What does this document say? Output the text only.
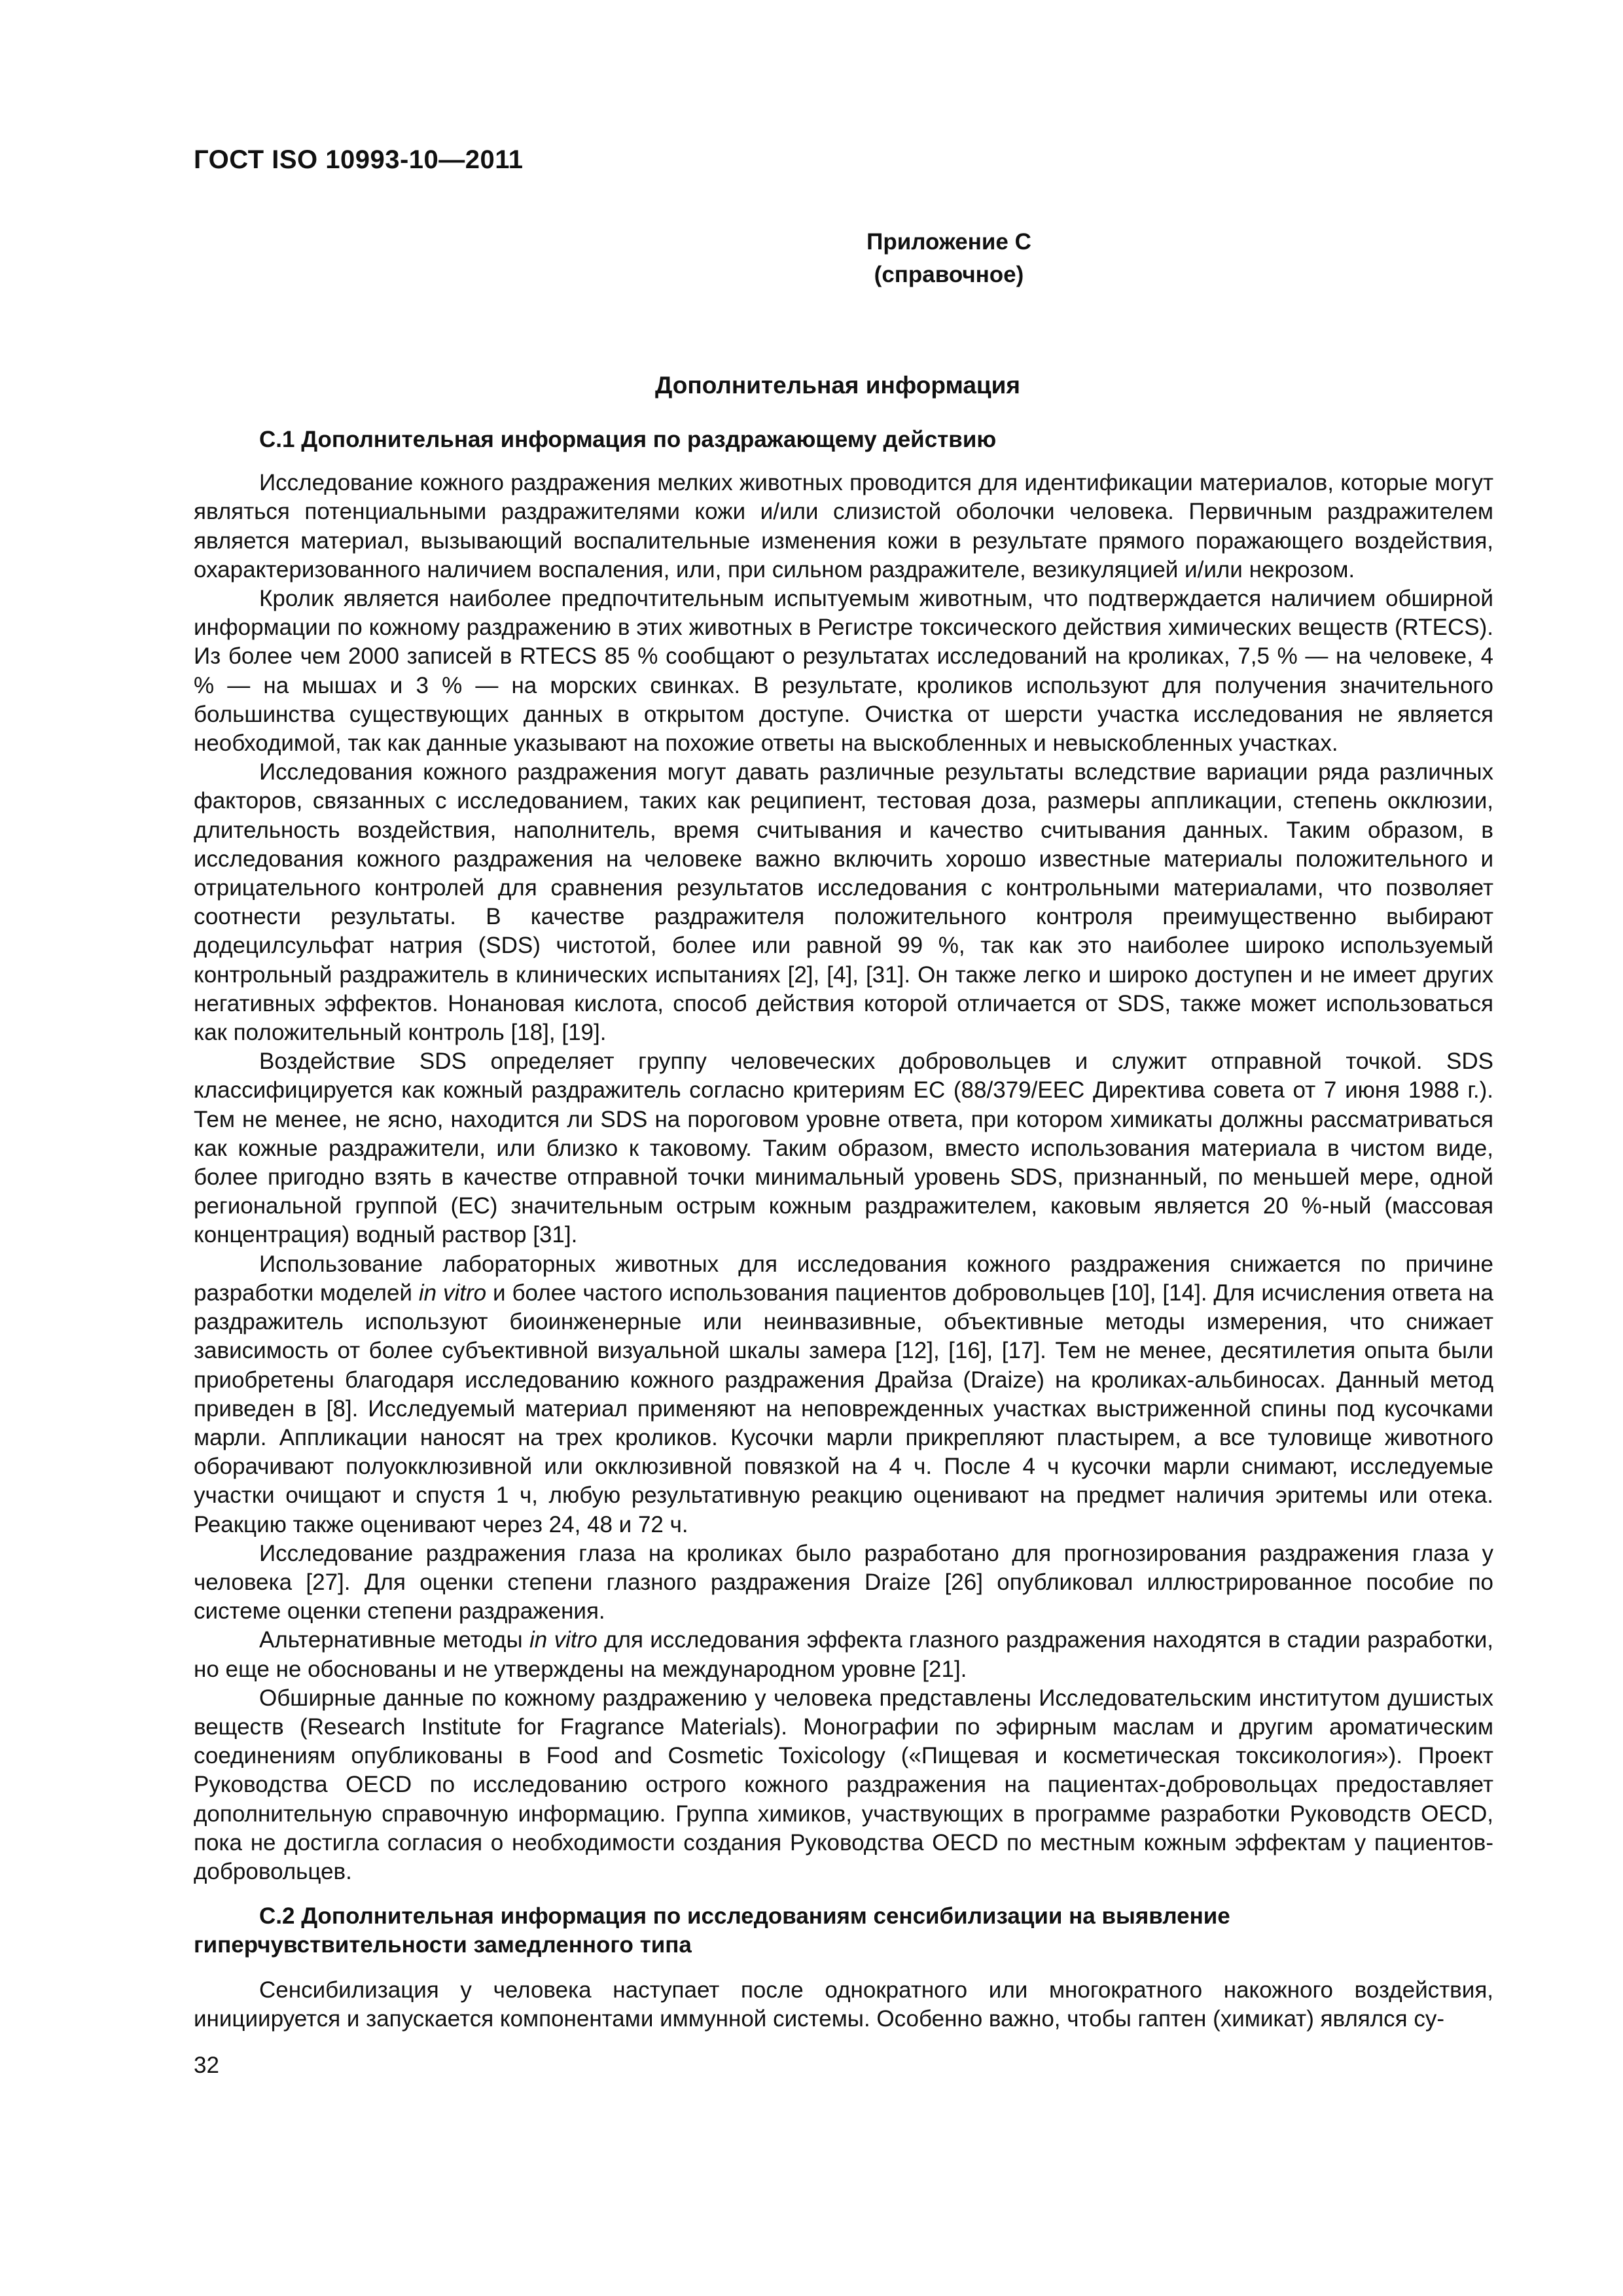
ГОСТ ISO 10993-10—2011
Приложение С
(справочное)
Дополнительная информация

С.1 Дополнительная информация по раздражающему действию

Исследование кожного раздражения мелких животных проводится для идентификации материалов, которые могут являться потенциальными раздражителями кожи и/или слизистой оболочки человека. Первичным раздражителем является материал, вызывающий воспалительные изменения кожи в результате прямого поражающего воздействия, охарактеризованного наличием воспаления, или, при сильном раздражителе, везикуляцией и/или некрозом.

Кролик является наиболее предпочтительным испытуемым животным, что подтверждается наличием обширной информации по кожному раздражению в этих животных в Регистре токсического действия химических веществ (RTECS). Из более чем 2000 записей в RTECS 85 % сообщают о результатах исследований на кроликах, 7,5 % — на человеке, 4 % — на мышах и 3 % — на морских свинках. В результате, кроликов используют для получения значительного большинства существующих данных в открытом доступе. Очистка от шерсти участка исследования не является необходимой, так как данные указывают на похожие ответы на выскобленных и невыскобленных участках.

Исследования кожного раздражения могут давать различные результаты вследствие вариации ряда различных факторов, связанных с исследованием, таких как реципиент, тестовая доза, размеры аппликации, степень окклюзии, длительность воздействия, наполнитель, время считывания и качество считывания данных. Таким образом, в исследования кожного раздражения на человеке важно включить хорошо известные материалы положительного и отрицательного контролей для сравнения результатов исследования с контрольными материалами, что позволяет соотнести результаты. В качестве раздражителя положительного контроля преимущественно выбирают додецилсульфат натрия (SDS) чистотой, более или равной 99 %, так как это наиболее широко используемый контрольный раздражитель в клинических испытаниях [2], [4], [31]. Он также легко и широко доступен и не имеет других негативных эффектов. Нонановая кислота, способ действия которой отличается от SDS, также может использоваться как положительный контроль [18], [19].

Воздействие SDS определяет группу человеческих добровольцев и служит отправной точкой. SDS классифицируется как кожный раздражитель согласно критериям ЕС (88/379/ЕЕС Директива совета от 7 июня 1988 г.). Тем не менее, не ясно, находится ли SDS на пороговом уровне ответа, при котором химикаты должны рассматриваться как кожные раздражители, или близко к таковому. Таким образом, вместо использования материала в чистом виде, более пригодно взять в качестве отправной точки минимальный уровень SDS, признанный, по меньшей мере, одной региональной группой (ЕС) значительным острым кожным раздражителем, каковым является 20 %-ный (массовая концентрация) водный раствор [31].

Использование лабораторных животных для исследования кожного раздражения снижается по причине разработки моделей in vitro и более частого использования пациентов добровольцев [10], [14]. Для исчисления ответа на раздражитель используют биоинженерные или неинвазивные, объективные методы измерения, что снижает зависимость от более субъективной визуальной шкалы замера [12], [16], [17]. Тем не менее, десятилетия опыта были приобретены благодаря исследованию кожного раздражения Драйза (Draize) на кроликах-альбиносах. Данный метод приведен в [8]. Исследуемый материал применяют на неповрежденных участках выстриженной спины под кусочками марли. Аппликации наносят на трех кроликов. Кусочки марли прикрепляют пластырем, а все туловище животного оборачивают полуокклюзивной или окклюзивной повязкой на 4 ч. После 4 ч кусочки марли снимают, исследуемые участки очищают и спустя 1 ч, любую результативную реакцию оценивают на предмет наличия эритемы или отека. Реакцию также оценивают через 24, 48 и 72 ч.

Исследование раздражения глаза на кроликах было разработано для прогнозирования раздражения глаза у человека [27]. Для оценки степени глазного раздражения Draize [26] опубликовал иллюстрированное пособие по системе оценки степени раздражения.

Альтернативные методы in vitro для исследования эффекта глазного раздражения находятся в стадии разработки, но еще не обоснованы и не утверждены на международном уровне [21].

Обширные данные по кожному раздражению у человека представлены Исследовательским институтом душистых веществ (Research Institute for Fragrance Materials). Монографии по эфирным маслам и другим ароматическим соединениям опубликованы в Food and Cosmetic Toxicology («Пищевая и косметическая токсикология»). Проект Руководства OECD по исследованию острого кожного раздражения на пациентах-добровольцах предоставляет дополнительную справочную информацию. Группа химиков, участвующих в программе разработки Руководств OECD, пока не достигла согласия о необходимости создания Руководства OECD по местным кожным эффектам у пациентов-добровольцев.

С.2 Дополнительная информация по исследованиям сенсибилизации на выявление гиперчувствительности замедленного типа

Сенсибилизация у человека наступает после однократного или многократного накожного воздействия, инициируется и запускается компонентами иммунной системы. Особенно важно, чтобы гаптен (химикат) являлся су-

32
